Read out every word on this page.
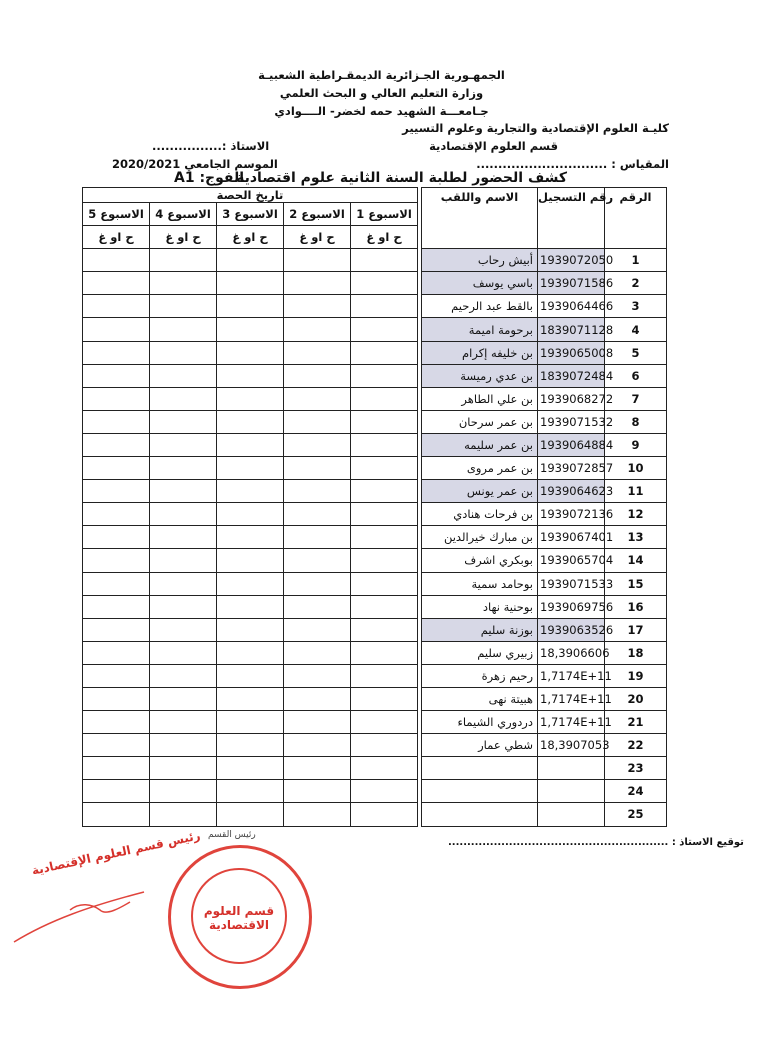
الجمهـورية الجـزائرية الديمقـراطية الشعبيـة
وزارة التعليم العالي و البحث العلمي
جـامعـــة الشهيد حمه لخضر- الــــوادي
كليـة العلوم الإقتصادية والتجارية وعلوم التسيير
قسم العلوم الإقتصادية
الاستاذ :................
المقياس : ..............................
الموسم الجامعي 2020/2021
كشف الحضور لطلبة السنة الثانية علوم اقتصادية
الفوج: A1
تاريخ الحصة						الاسم واللقب	رقم التسجيل	الرقم
الاسبوع 5	الاسبوع 4	الاسبوع 3	الاسبوع 2	الاسبوع 1				
ح او غ	ح او غ	ح او غ	ح او غ	ح او غ				
						أبيش رحاب	1939072050	1
						باسي يوسف	1939071586	2
						بالقط عبد الرحيم	1939064466	3
						برحومة اميمة	1839071128	4
						بن خليفه إكرام	1939065008	5
						بن عدي رميسة	1839072484	6
						بن علي الطاهر	1939068272	7
						بن عمر سرحان	1939071532	8
						بن عمر سليمه	1939064884	9
						بن عمر مروى	1939072857	10
						بن عمر يونس	1939064623	11
						بن فرحات هنادي	1939072136	12
						بن مبارك خيرالدين	1939067401	13
						بوبكري اشرف	1939065704	14
						بوحامد سمية	1939071533	15
						بوحنية نهاد	1939069756	16
						بوزنة سليم	1939063526	17
						زبيري سليم	18,3906606	18
						رحيم زهرة	1,7174E+11	19
						هبيتة نهى	1,7174E+11	20
						دردوري الشيماء	1,7174E+11	21
						شطي عمار	18,3907053	22
								23
								24
								25
توقيع الاستاذ : ..........................................................
رئيس القسم
قسم العلوم الاقتصادية
رئيس قسم العلوم الإقتصادية
